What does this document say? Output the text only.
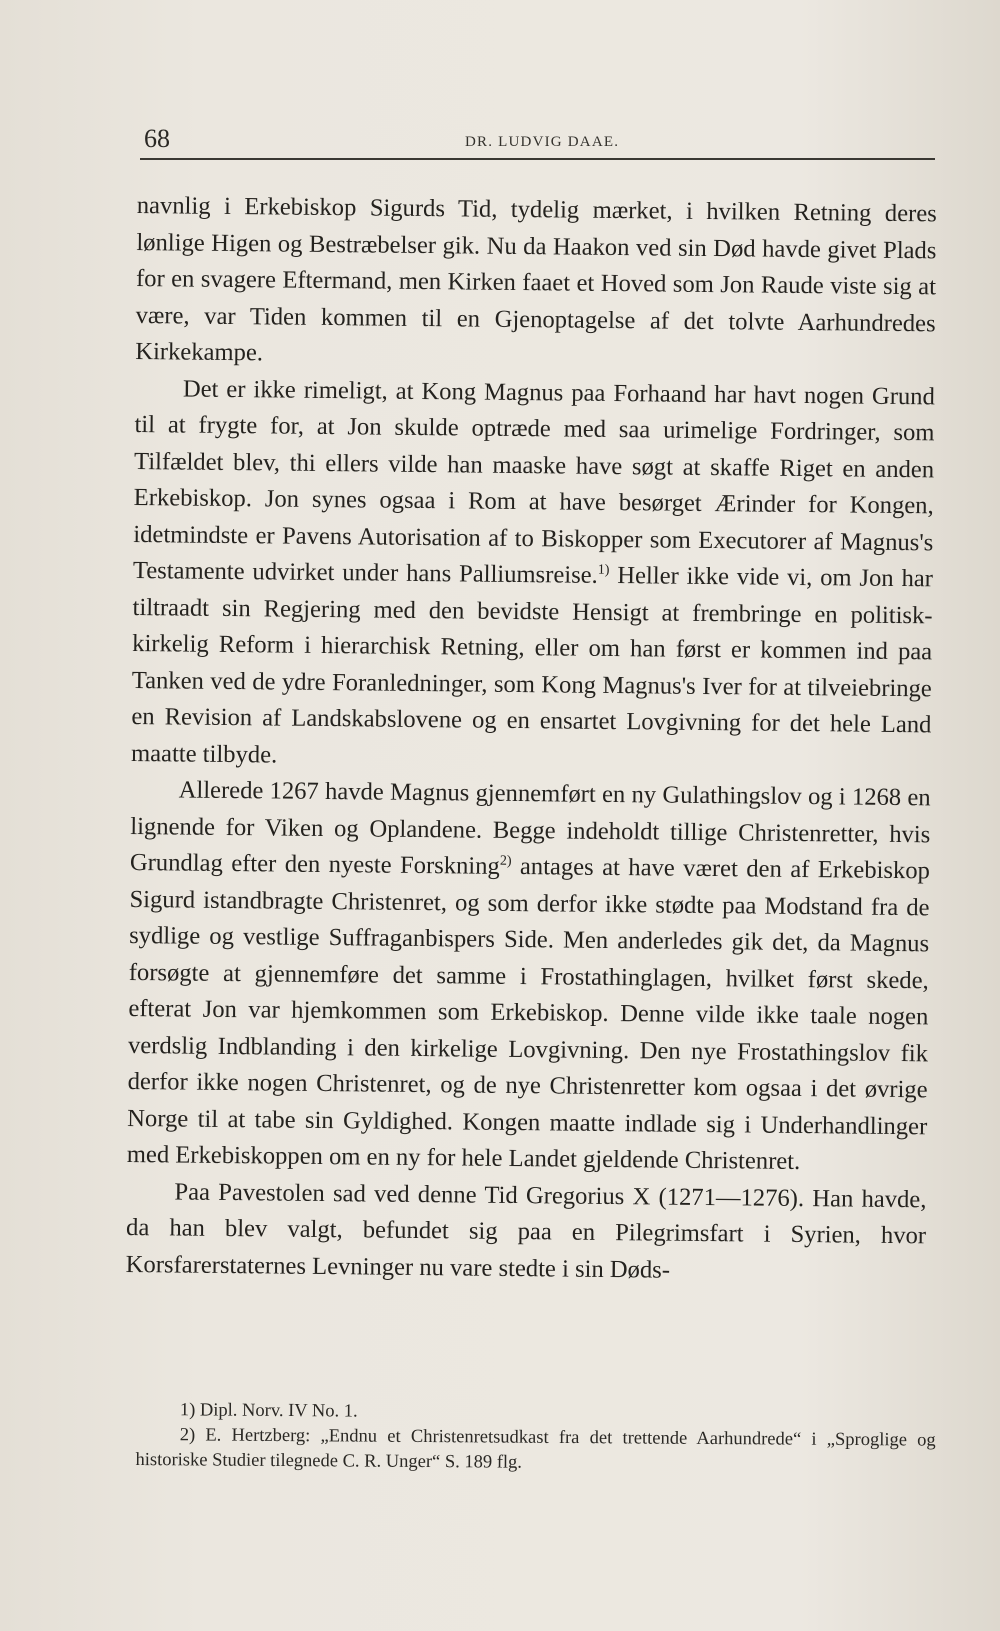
68	DR. LUDVIG DAAE.

navnlig i Erkebiskop Sigurds Tid, tydelig mærket, i hvilken Retning deres lønlige Higen og Bestræbelser gik. Nu da Haakon ved sin Død havde givet Plads for en svagere Eftermand, men Kirken faaet et Hoved som Jon Raude viste sig at være, var Tiden kommen til en Gjenoptagelse af det tolvte Aarhundredes Kirkekampe.

Det er ikke rimeligt, at Kong Magnus paa Forhaand har havt nogen Grund til at frygte for, at Jon skulde optræde med saa urimelige Fordringer, som Tilfældet blev, thi ellers vilde han maaske have søgt at skaffe Riget en anden Erkebiskop. Jon synes ogsaa i Rom at have besørget Ærinder for Kongen, idetmindste er Pavens Autorisation af to Biskopper som Executorer af Magnus's Testamente udvirket under hans Palliumsreise.$^{1)}$ Heller ikke vide vi, om Jon har tiltraadt sin Regjering med den bevidste Hensigt at frembringe en politisk-kirkelig Reform i hierarchisk Retning, eller om han først er kommen ind paa Tanken ved de ydre Foranledninger, som Kong Magnus's Iver for at tilveiebringe en Revision af Landskabslovene og en ensartet Lovgivning for det hele Land maatte tilbyde.

Allerede 1267 havde Magnus gjennemført en ny Gulathingslov og i 1268 en lignende for Viken og Oplandene. Begge indeholdt tillige Christenretter, hvis Grundlag efter den nyeste Forskning$^{2)}$ antages at have været den af Erkebiskop Sigurd istandbragte Christenret, og som derfor ikke stødte paa Modstand fra de sydlige og vestlige Suffraganbispers Side. Men anderledes gik det, da Magnus forsøgte at gjennemføre det samme i Frostathinglagen, hvilket først skede, efterat Jon var hjemkommen som Erkebiskop. Denne vilde ikke taale nogen verdslig Indblanding i den kirkelige Lovgivning. Den nye Frostathingslov fik derfor ikke nogen Christenret, og de nye Christenretter kom ogsaa i det øvrige Norge til at tabe sin Gyldighed. Kongen maatte indlade sig i Underhandlinger med Erkebiskoppen om en ny for hele Landet gjeldende Christenret.

Paa Pavestolen sad ved denne Tid Gregorius X (1271—1276). Han havde, da han blev valgt, befundet sig paa en Pilegrimsfart i Syrien, hvor Korsfarerstaternes Levninger nu vare stedte i sin Døds-

1) Dipl. Norv. IV No. 1.

2) E. Hertzberg: „Endnu et Christenretsudkast fra det trettende Aarhundrede“ i „Sproglige og historiske Studier tilegnede C. R. Unger“ S. 189 flg.
